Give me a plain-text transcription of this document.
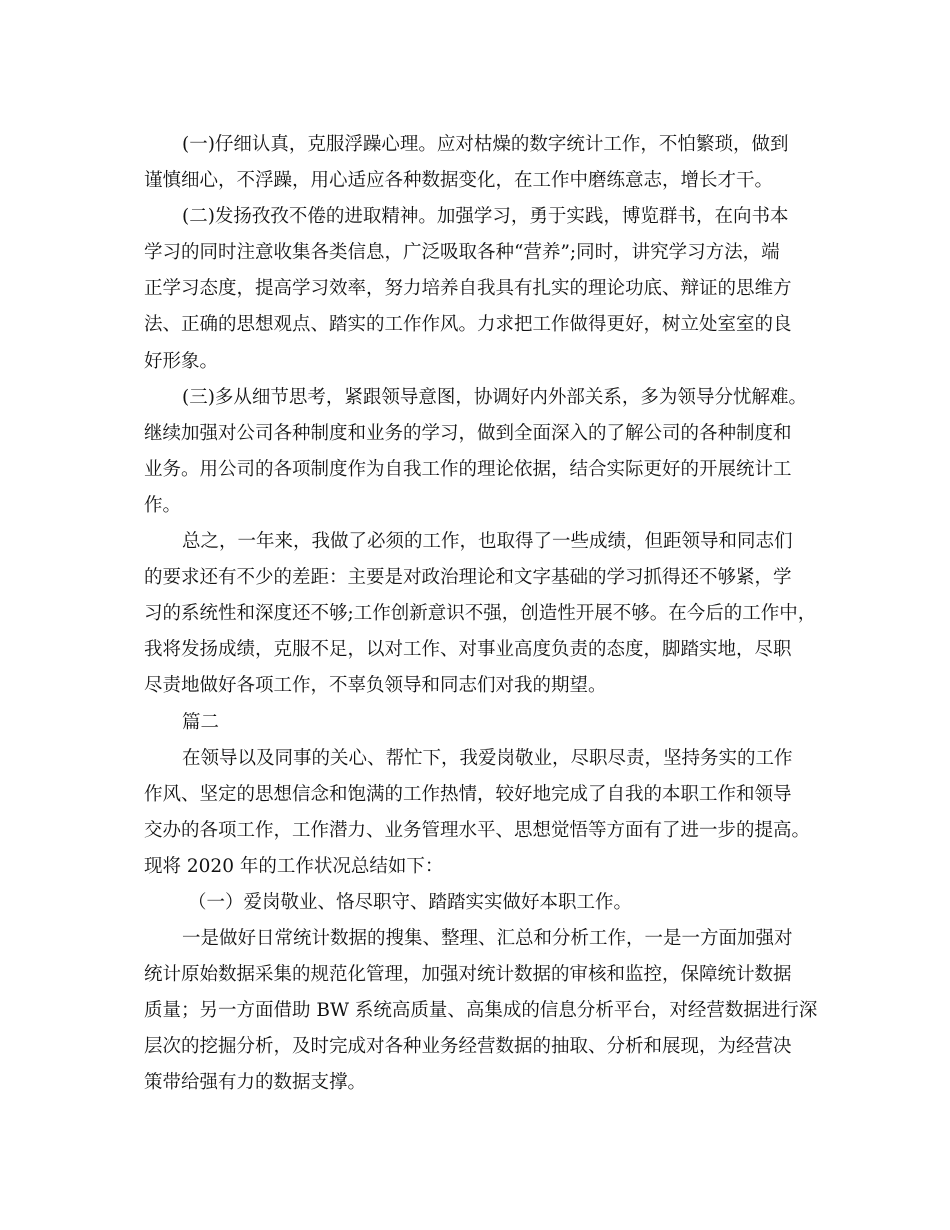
(一)仔细认真，克服浮躁心理。应对枯燥的数字统计工作，不怕繁琐，做到
谨慎细心，不浮躁，用心适应各种数据变化，在工作中磨练意志，增长才干。

(二)发扬孜孜不倦的进取精神。加强学习，勇于实践，博览群书，在向书本
学习的同时注意收集各类信息，广泛吸取各种“营养”;同时，讲究学习方法，端
正学习态度，提高学习效率，努力培养自我具有扎实的理论功底、辩证的思维方
法、正确的思想观点、踏实的工作作风。力求把工作做得更好，树立处室室的良
好形象。

(三)多从细节思考，紧跟领导意图，协调好内外部关系，多为领导分忧解难。
继续加强对公司各种制度和业务的学习，做到全面深入的了解公司的各种制度和
业务。用公司的各项制度作为自我工作的理论依据，结合实际更好的开展统计工
作。

总之，一年来，我做了必须的工作，也取得了一些成绩，但距领导和同志们
的要求还有不少的差距：主要是对政治理论和文字基础的学习抓得还不够紧，学
习的系统性和深度还不够;工作创新意识不强，创造性开展不够。在今后的工作中，
我将发扬成绩，克服不足，以对工作、对事业高度负责的态度，脚踏实地，尽职
尽责地做好各项工作，不辜负领导和同志们对我的期望。

篇二

在领导以及同事的关心、帮忙下，我爱岗敬业，尽职尽责，坚持务实的工作
作风、坚定的思想信念和饱满的工作热情，较好地完成了自我的本职工作和领导
交办的各项工作，工作潜力、业务管理水平、思想觉悟等方面有了进一步的提高。
现将 2020 年的工作状况总结如下：

（一）爱岗敬业、恪尽职守、踏踏实实做好本职工作。

一是做好日常统计数据的搜集、整理、汇总和分析工作，一是一方面加强对
统计原始数据采集的规范化管理，加强对统计数据的审核和监控，保障统计数据
质量；另一方面借助 BW 系统高质量、高集成的信息分析平台，对经营数据进行深
层次的挖掘分析，及时完成对各种业务经营数据的抽取、分析和展现，为经营决
策带给强有力的数据支撑。
